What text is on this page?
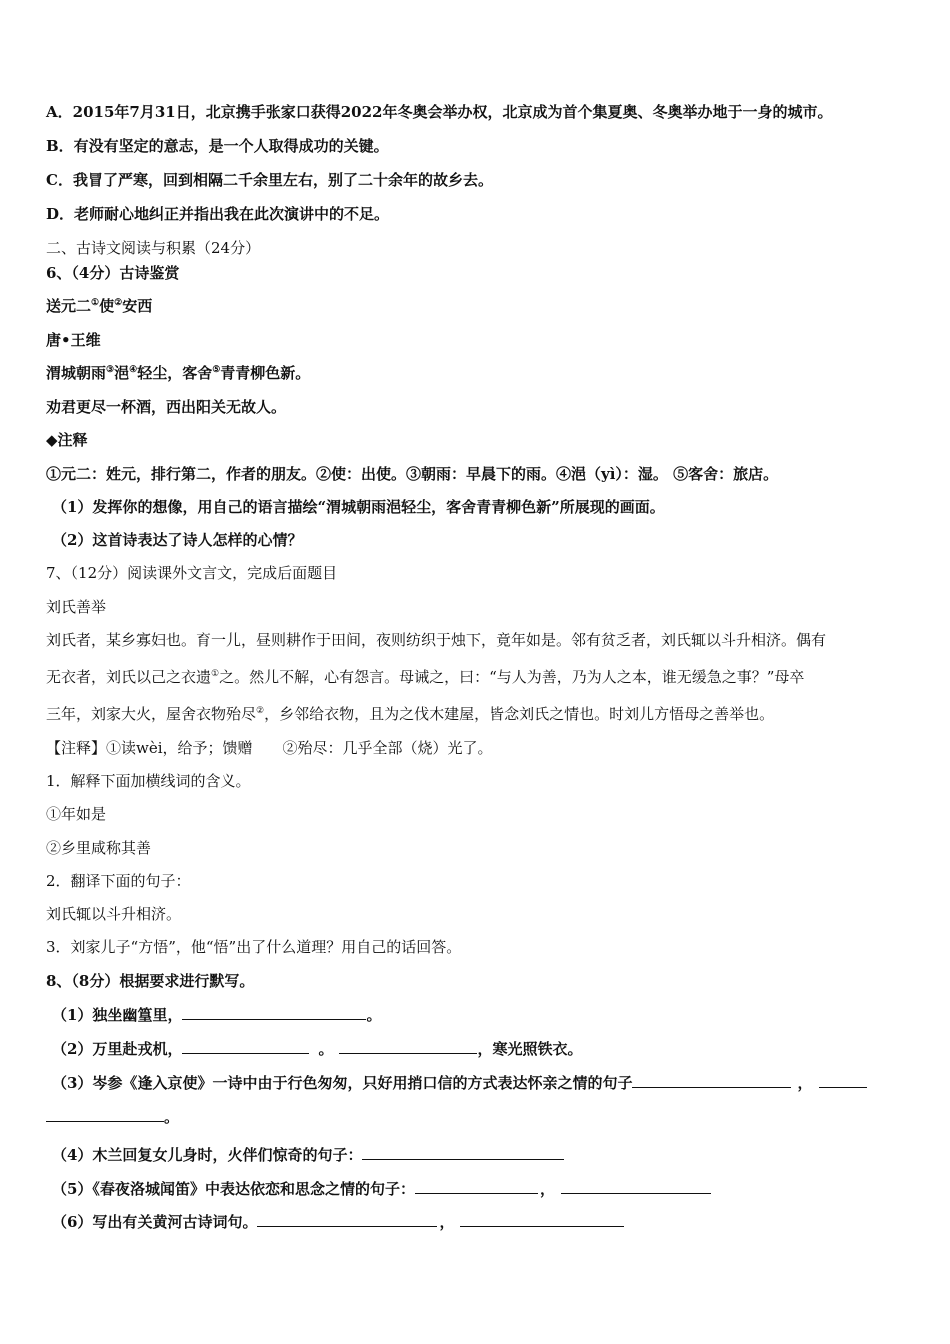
A．2015年7月31日，北京携手张家口获得2022年冬奥会举办权，北京成为首个集夏奥、冬奥举办地于一身的城市。
B．有没有坚定的意志，是一个人取得成功的关键。
C．我冒了严寒，回到相隔二千余里左右，别了二十余年的故乡去。
D．老师耐心地纠正并指出我在此次演讲中的不足。
二、古诗文阅读与积累（24分）
6、（4分）古诗鉴赏
送元二①使②安西
唐•王维
渭城朝雨③浥④轻尘，客舍⑤青青柳色新。
劝君更尽一杯酒，西出阳关无故人。
◆注释
①元二：姓元，排行第二，作者的朋友。②使：出使。③朝雨：早晨下的雨。④浥（yì）：湿。 ⑤客舍：旅店。
（1）发挥你的想像，用自己的语言描绘“渭城朝雨浥轻尘，客舍青青柳色新”所展现的画面。
（2）这首诗表达了诗人怎样的心情？
7、（12分）阅读课外文言文，完成后面题目
刘氏善举
刘氏者，某乡寡妇也。育一儿，昼则耕作于田间，夜则纺织于烛下，竟年如是。邻有贫乏者，刘氏辄以斗升相济。偶有
无衣者，刘氏以己之衣遗①之。然儿不解，心有怨言。母诫之，曰：“与人为善，乃为人之本，谁无缓急之事？”母卒
三年，刘家大火，屋舍衣物殆尽②，乡邻给衣物，且为之伐木建屋，皆念刘氏之情也。时刘儿方悟母之善举也。
【注释】①读wèi，给予；馈赠　　②殆尽：几乎全部（烧）光了。
1．解释下面加横线词的含义。
①年如是
②乡里咸称其善
2．翻译下面的句子：
刘氏辄以斗升相济。
3．刘家儿子“方悟”，他“悟”出了什么道理？用自己的话回答。
8、（8分）根据要求进行默写。
（1）独坐幽篁里，	。
（2）万里赴戎机，	。	，寒光照铁衣。
（3）岑参《逢入京使》一诗中由于行色匆匆，只好用捎口信的方式表达怀亲之情的句子	，
。
（4）木兰回复女儿身时，火伴们惊奇的句子：
（5）《春夜洛城闻笛》中表达依恋和思念之情的句子：	，
（6）写出有关黄河古诗词句。	，
